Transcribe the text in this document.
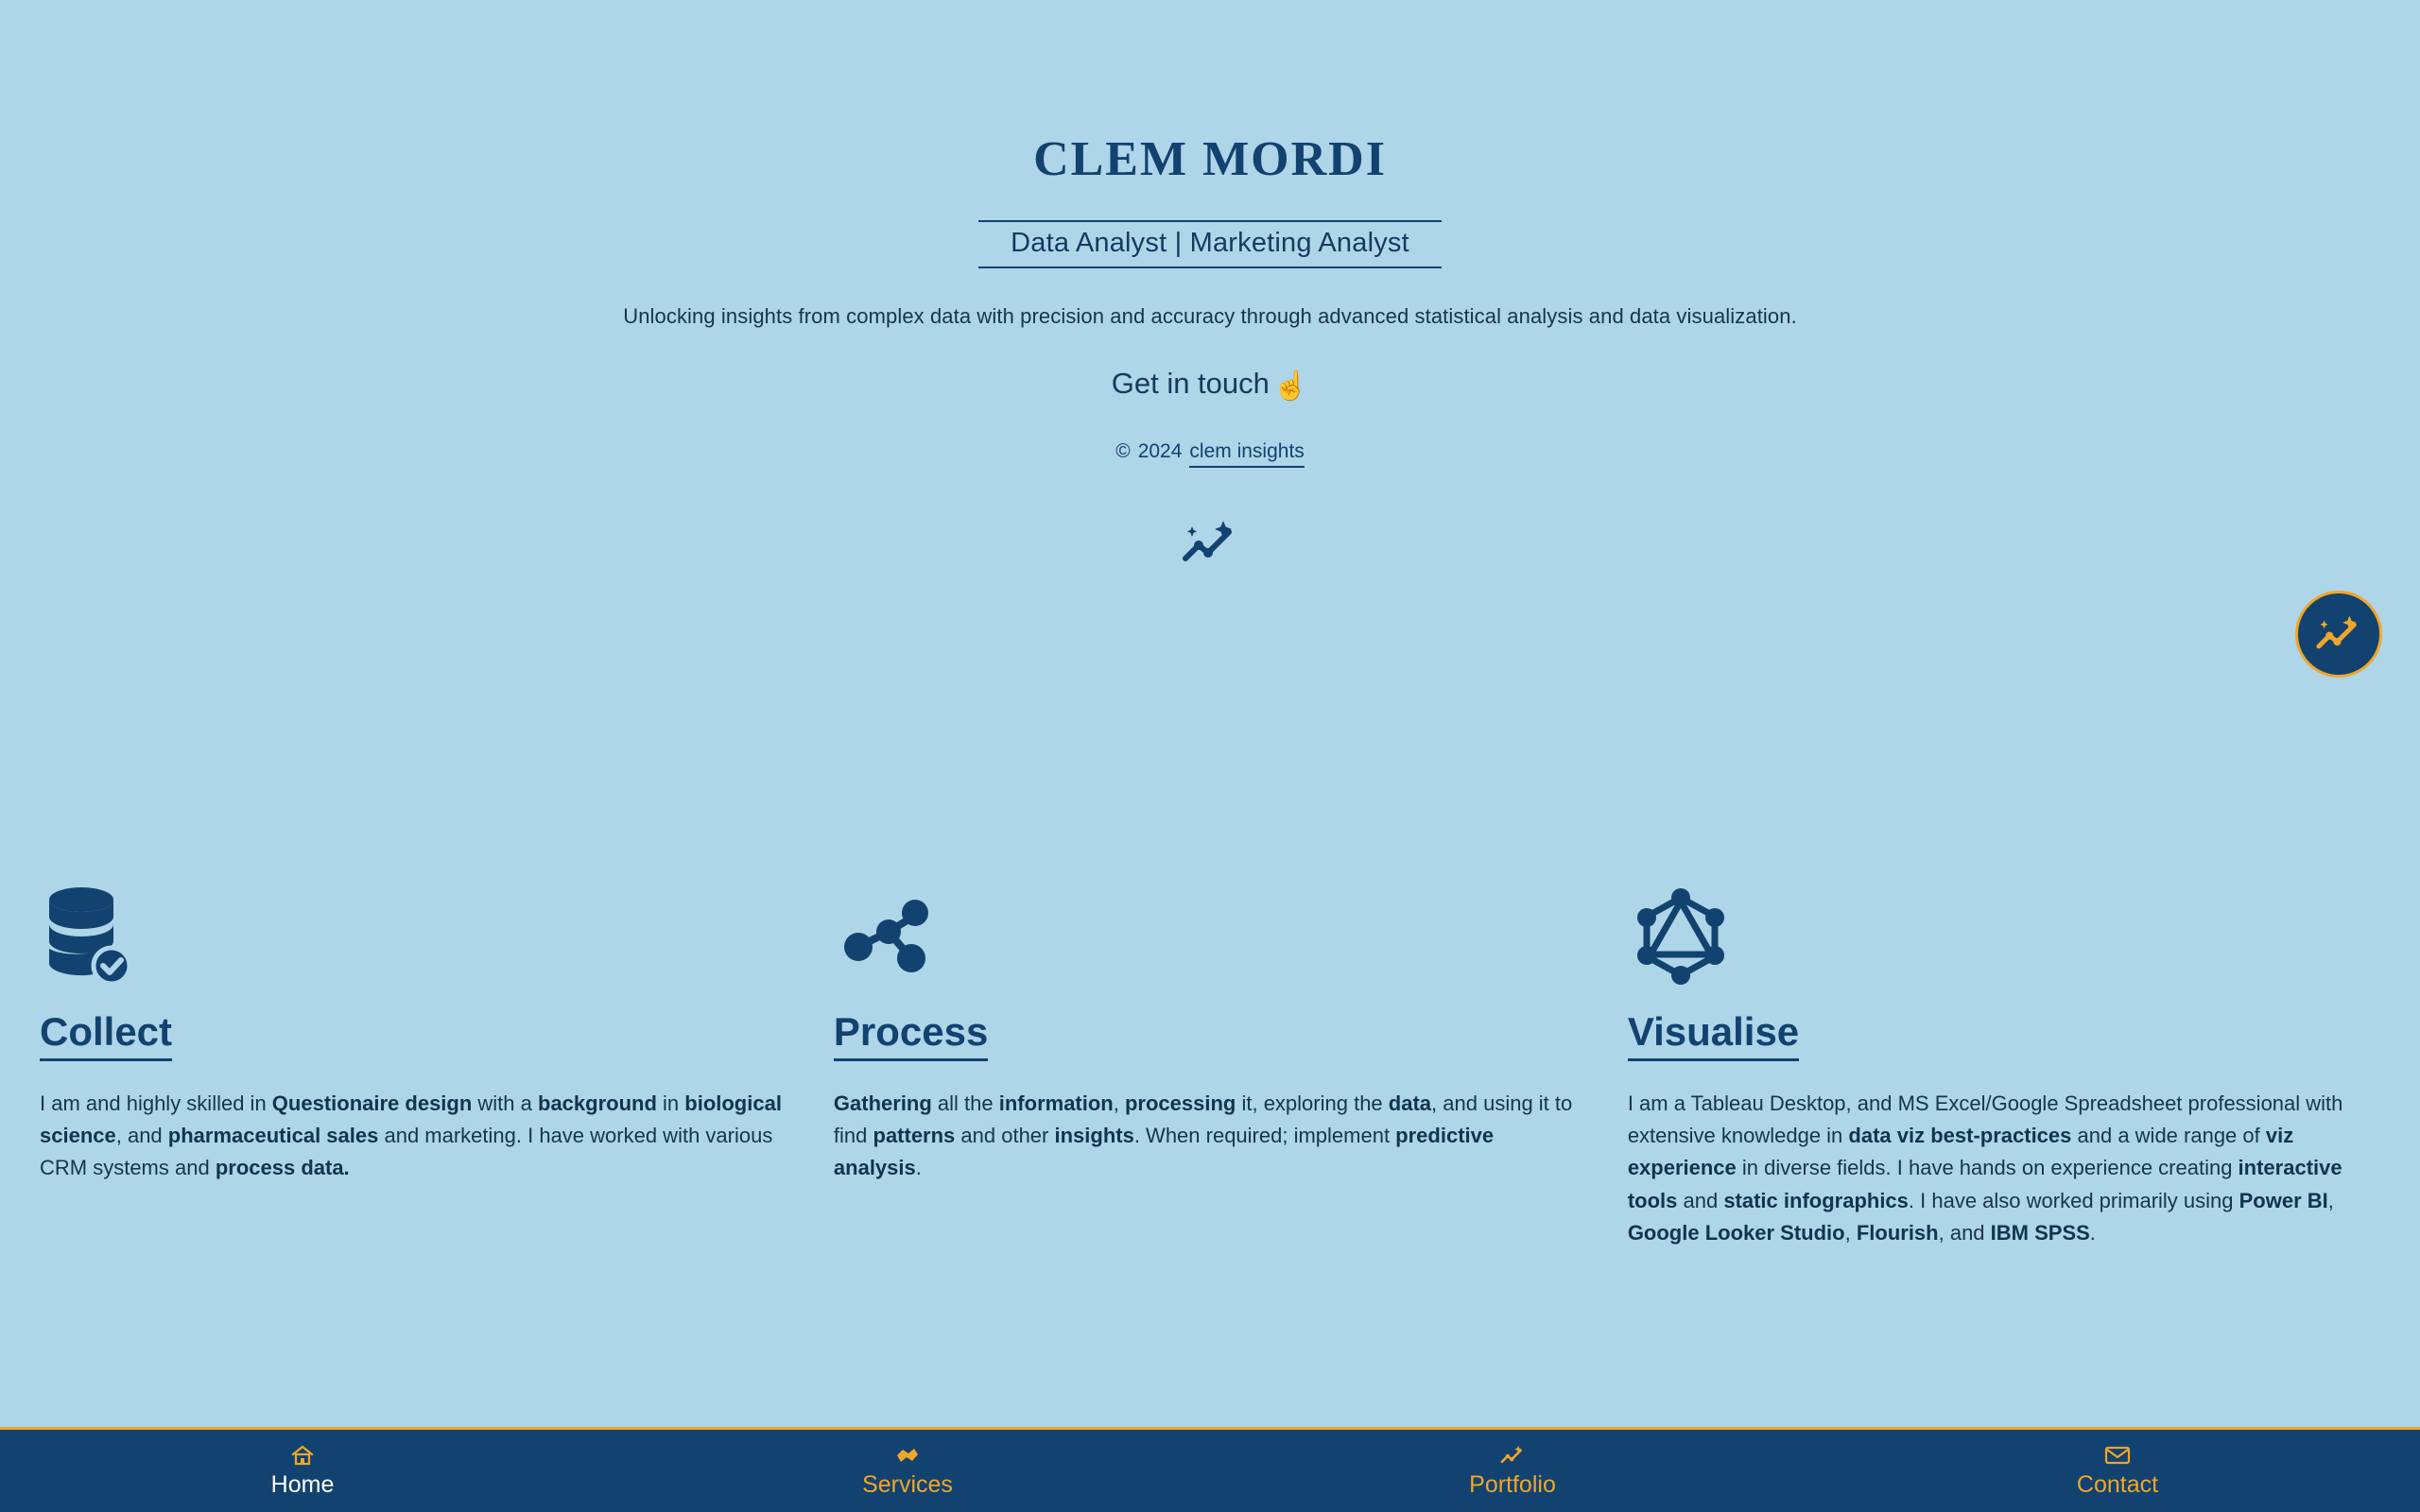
CLEM MORDI
Data Analyst | Marketing Analyst
Unlocking insights from complex data with precision and accuracy through advanced statistical analysis and data visualization.
Get in touch ☝
© 2024 clem insights
Collect
I am and highly skilled in Questionaire design with a background in biological science, and pharmaceutical sales and marketing. I have worked with various CRM systems and process data.
Process
Gathering all the information, processing it, exploring the data, and using it to find patterns and other insights. When required; implement predictive analysis.
Visualise
I am a Tableau Desktop, and MS Excel/Google Spreadsheet professional with extensive knowledge in data viz best-practices and a wide range of viz experience in diverse fields. I have hands on experience creating interactive tools and static infographics. I have also worked primarily using Power BI, Google Looker Studio, Flourish, and IBM SPSS.
Home	Services	Portfolio	Contact
